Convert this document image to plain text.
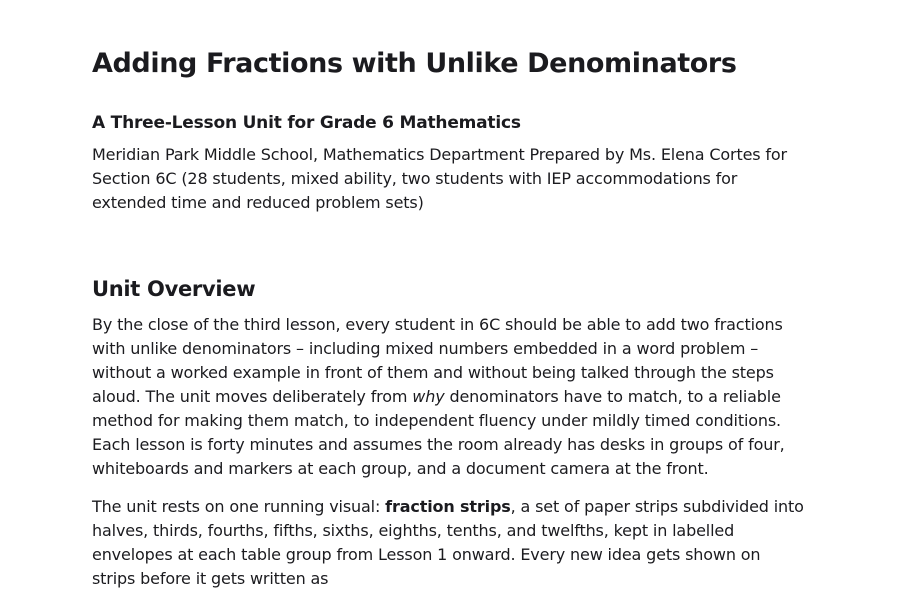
Adding Fractions with Unlike Denominators
A Three-Lesson Unit for Grade 6 Mathematics

Meridian Park Middle School, Mathematics Department Prepared by Ms. Elena Cortes for Section 6C (28 students, mixed ability, two students with IEP accommodations for extended time and reduced problem sets)

Unit Overview

By the close of the third lesson, every student in 6C should be able to add two fractions with unlike denominators – including mixed numbers embedded in a word problem – without a worked example in front of them and without being talked through the steps aloud. The unit moves deliberately from why denominators have to match, to a reliable method for making them match, to independent fluency under mildly timed conditions. Each lesson is forty minutes and assumes the room already has desks in groups of four, whiteboards and markers at each group, and a document camera at the front.

The unit rests on one running visual: fraction strips, a set of paper strips subdivided into halves, thirds, fourths, fifths, sixths, eighths, tenths, and twelfths, kept in labelled envelopes at each table group from Lesson 1 onward. Every new idea gets shown on strips before it gets written as
